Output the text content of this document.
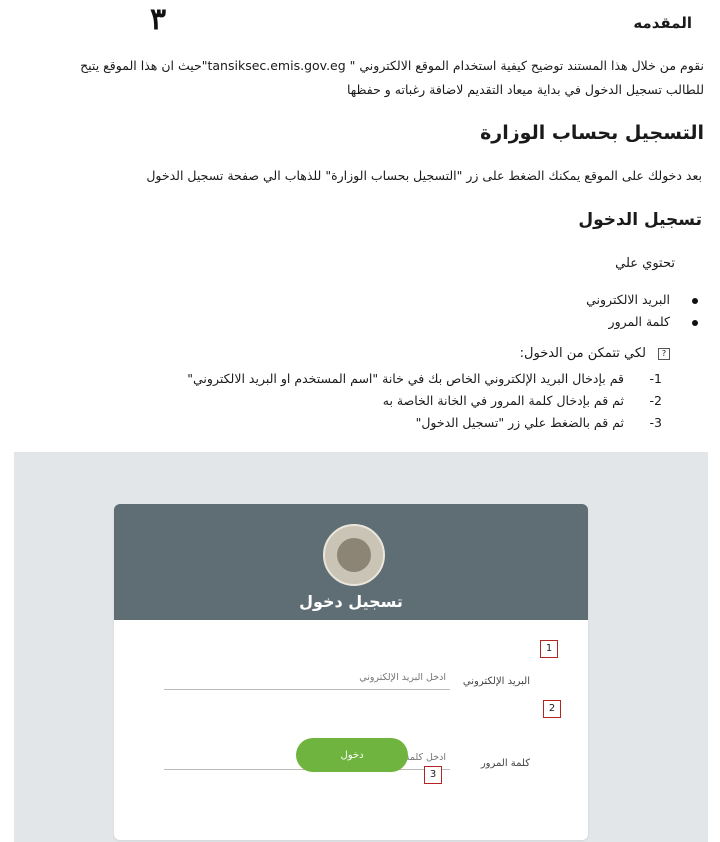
٣	المقدمه
نقوم من خلال هذا المستند توضيح كيفية استخدام الموقع الالكتروني " tansiksec.emis.gov.eg"حيث ان هذا الموقع يتيح
للطالب تسجيل الدخول في بداية ميعاد التقديم لاضافة رغباته و حفظها
التسجيل بحساب الوزارة
بعد دخولك على الموقع يمكنك الضغط على زر "التسجيل بحساب الوزارة" للذهاب الي صفحة تسجيل الدخول
تسجيل الدخول
تحتوي علي
البريد الالكتروني
كلمة المرور
?لكي تتمكن من الدخول:
-1قم بإدخال البريد الإلكتروني الخاص بك في خانة "اسم المستخدم او البريد الالكتروني"
-2ثم قم بإدخال كلمة المرور في الخانة الخاصة به
-3ثم قم بالضغط علي زر "تسجيل الدخول"
تسجيل دخول
البريد الإلكتروني
ادخل البريد الإلكتروني
كلمة المرور
دخول
1
2
3
